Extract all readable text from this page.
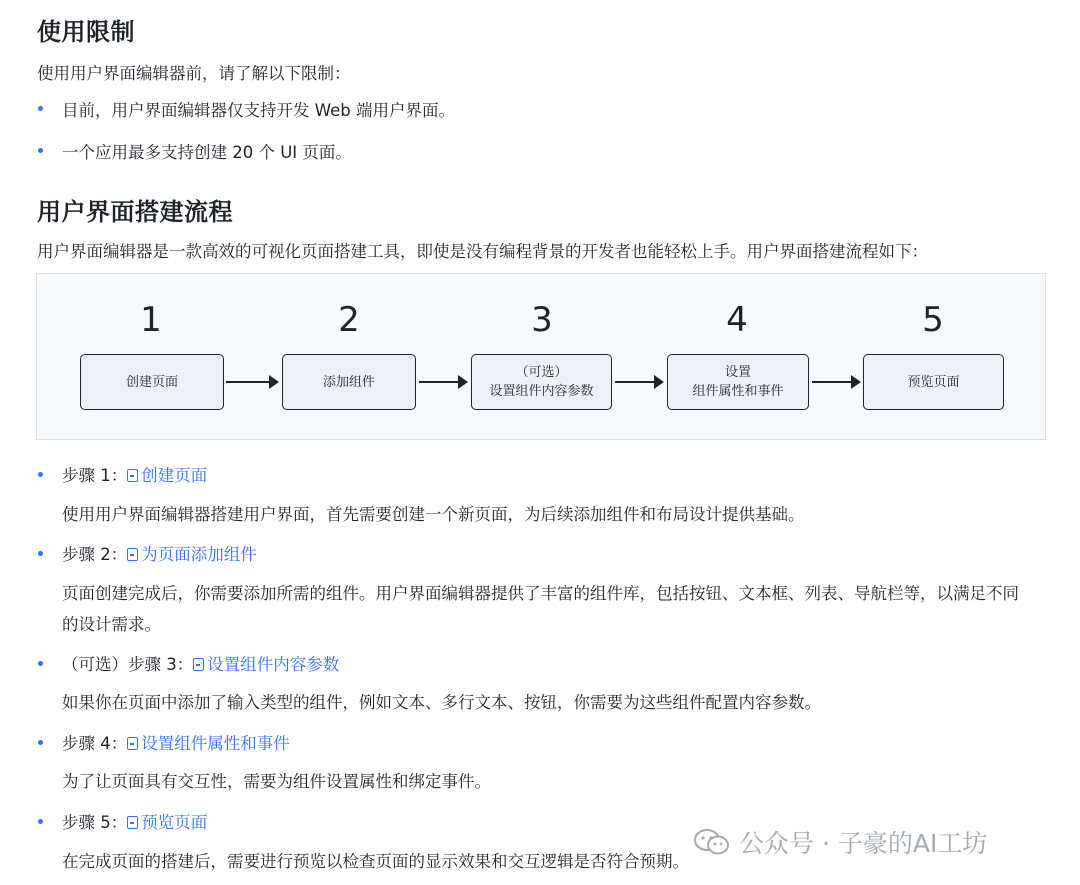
使用限制
使用用户界面编辑器前，请了解以下限制：
目前，用户界面编辑器仅支持开发 Web 端用户界面。
一个应用最多支持创建 20 个 UI 页面。
用户界面搭建流程
用户界面编辑器是一款高效的可视化页面搭建工具，即使是没有编程背景的开发者也能轻松上手。用户界面搭建流程如下：
1	2	3	4	5
创建页面	添加组件
（可选）
设置组件内容参数
设置
组件属性和事件
预览页面
步骤 1： 创建页面
使用用户界面编辑器搭建用户界面，首先需要创建一个新页面，为后续添加组件和布局设计提供基础。
步骤 2： 为页面添加组件
页面创建完成后，你需要添加所需的组件。用户界面编辑器提供了丰富的组件库，包括按钮、文本框、列表、导航栏等，以满足不同的设计需求。
（可选）步骤 3： 设置组件内容参数
如果你在页面中添加了输入类型的组件，例如文本、多行文本、按钮，你需要为这些组件配置内容参数。
步骤 4： 设置组件属性和事件
为了让页面具有交互性，需要为组件设置属性和绑定事件。
步骤 5： 预览页面
在完成页面的搭建后，需要进行预览以检查页面的显示效果和交互逻辑是否符合预期。
公众号 · 子豪的AI工坊
